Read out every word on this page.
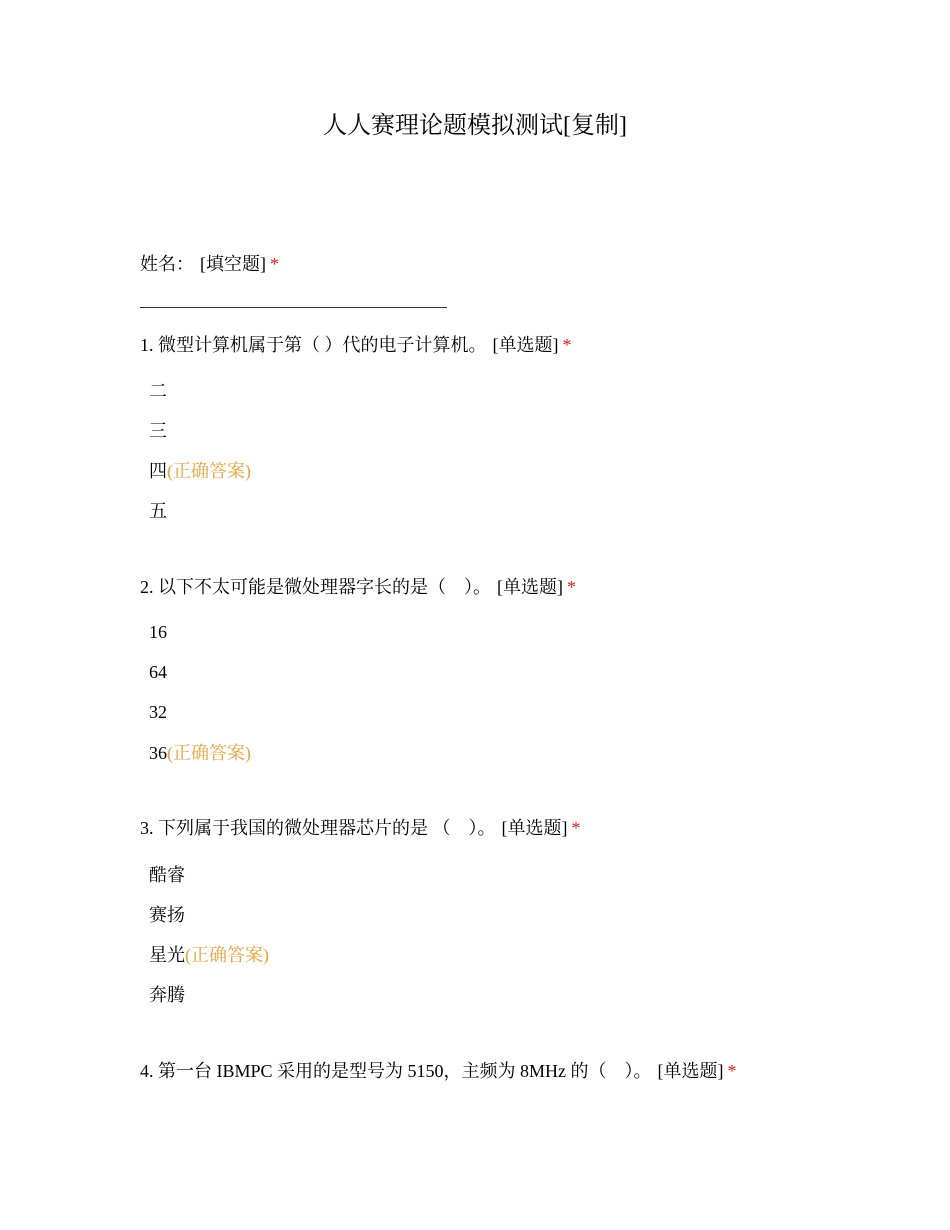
人人赛理论题模拟测试[复制]
姓名： [填空题] *
1. 微型计算机属于第（ ）代的电子计算机。 [单选题] *
二
三
四(正确答案)
五
2. 以下不太可能是微处理器字长的是（　）。 [单选题] *
16
64
32
36(正确答案)
3. 下列属于我国的微处理器芯片的是 （　）。 [单选题] *
酷睿
赛扬
星光(正确答案)
奔腾
4. 第一台 IBMPC 采用的是型号为 5150，主频为 8MHz 的（　）。 [单选题] *
